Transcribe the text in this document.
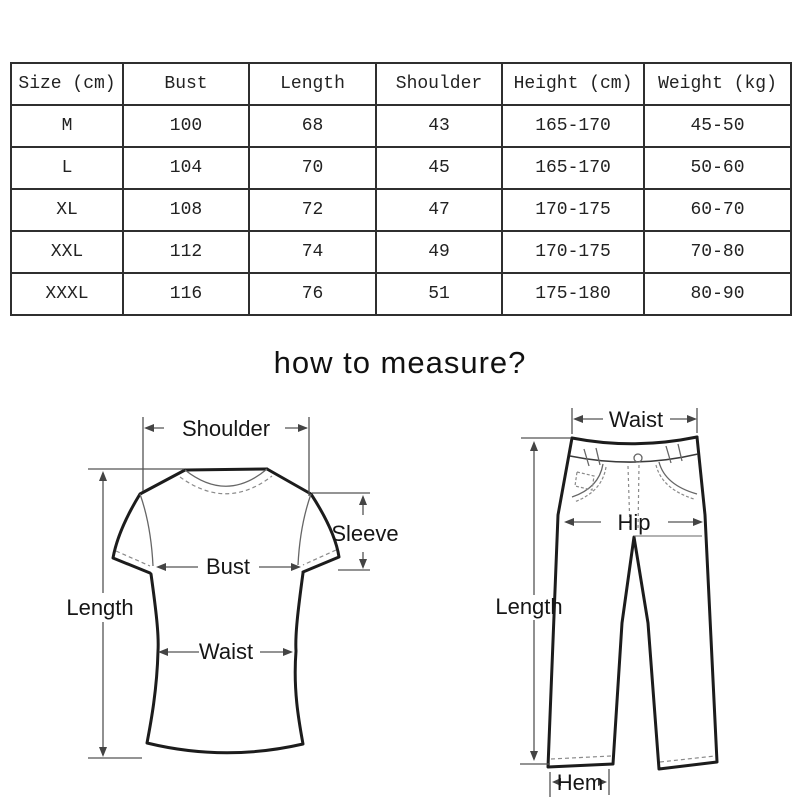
Size (cm)	Bust	Length	Shoulder	Height (cm)	Weight (kg)
M	100	68	43	165-170	45-50
L	104	70	45	165-170	50-60
XL	108	72	47	170-175	60-70
XXL	112	74	49	170-175	70-80
XXXL	116	76	51	175-180	80-90
how to measure?
Shoulder
Length
Sleeve
Bust
Waist
Waist
Hip
Length
Hem
